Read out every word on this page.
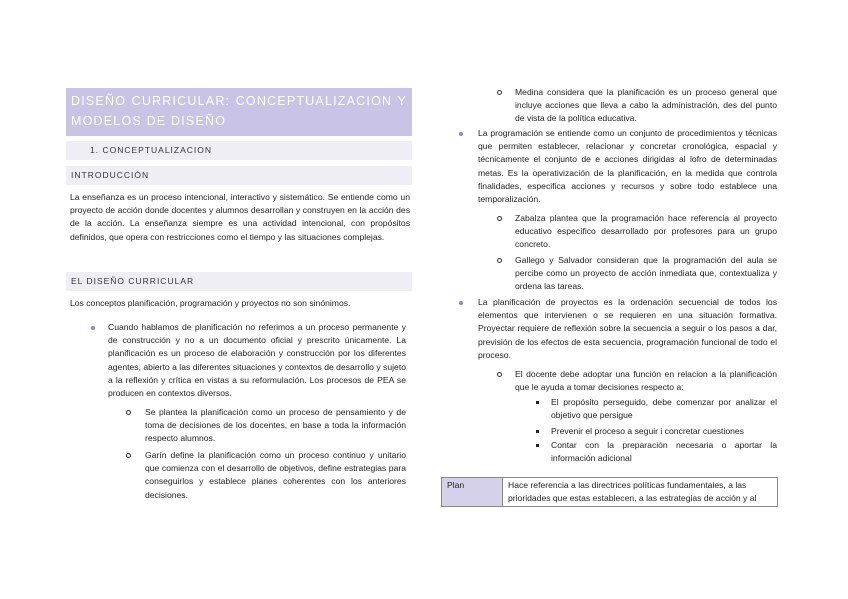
DISEÑO CURRICULAR: CONCEPTUALIZACION Y MODELOS DE DISEÑO
1. CONCEPTUALIZACION
INTRODUCCIÓN

La enseñanza es un proceso intencional, interactivo y sistemático. Se entiende como un proyecto de acción donde docentes y alumnos desarrollan y construyen en la acción des de la acción. La enseñanza siempre es una actividad intencional, con propósitos definidos, que opera con restricciones como el tiempo y las situaciones complejas.

EL DISEÑO CURRICULAR

Los conceptos planificación, programación y proyectos no son sinónimos.

Cuando hablamos de planificación no referimos a un proceso permanente y de construcción y no a un documento oficial y prescrito únicamente. La planificación es un proceso de elaboración y construcción por los diferentes agentes, abierto a las diferentes situaciones y contextos de desarrollo y sujeto a la reflexión y crítica en vistas a su reformulación. Los procesos de PEA se producen en contextos diversos.

Se plantea la planificación como un proceso de pensamiento y de toma de decisiones de los docentes, en base a toda la información respecto alumnos.

Garín define la planificación como un proceso continuo y unitario que comienza con el desarrollo de objetivos, define estrategias para conseguirlos y establece planes coherentes con los anteriores decisiones.

Medina considera que la planificación es un proceso general que incluye acciones que lleva a cabo la administración, des del punto de vista de la política educativa.

La programación se entiende como un conjunto de procedimientos y técnicas que permiten establecer, relacionar y concretar cronológica, espacial y técnicamente el conjunto de e acciones dirigidas al lofro de determinadas metas. Es la operativización de la planificación, en la medida que controla finalidades, especifica acciones y recursos y sobre todo establece una temporalización.

Zabalza plantea que la programación hace referencia al proyecto educativo específico desarrollado por profesores para un grupo concreto.

Gallego y Salvador consideran que la programación del aula se percibe como un proyecto de acción inmediata que, contextualiza y ordena las tareas.

La planificación de proyectos es la ordenación secuencial de todos los elementos que intervienen o se requieren en una situación formativa. Proyectar requiere de reflexión sobre la secuencia a seguir o los pasos a dar, previsión de los efectos de esta secuencia, programación funcional de todo el proceso.

El docente debe adoptar una función en relacion a la planificación que le ayuda a tomar decisiones respecto a:

El propósito perseguido, debe comenzar por analizar el objetivo que persigue

Prevenir el proceso a seguir i concretar cuestiones

Contar con la preparación necesaria o aportar la información adicional

Plan	Hace referencia a las directrices políticas fundamentales, a las prioridades que estas establecen, a las estrategias de acción y al
